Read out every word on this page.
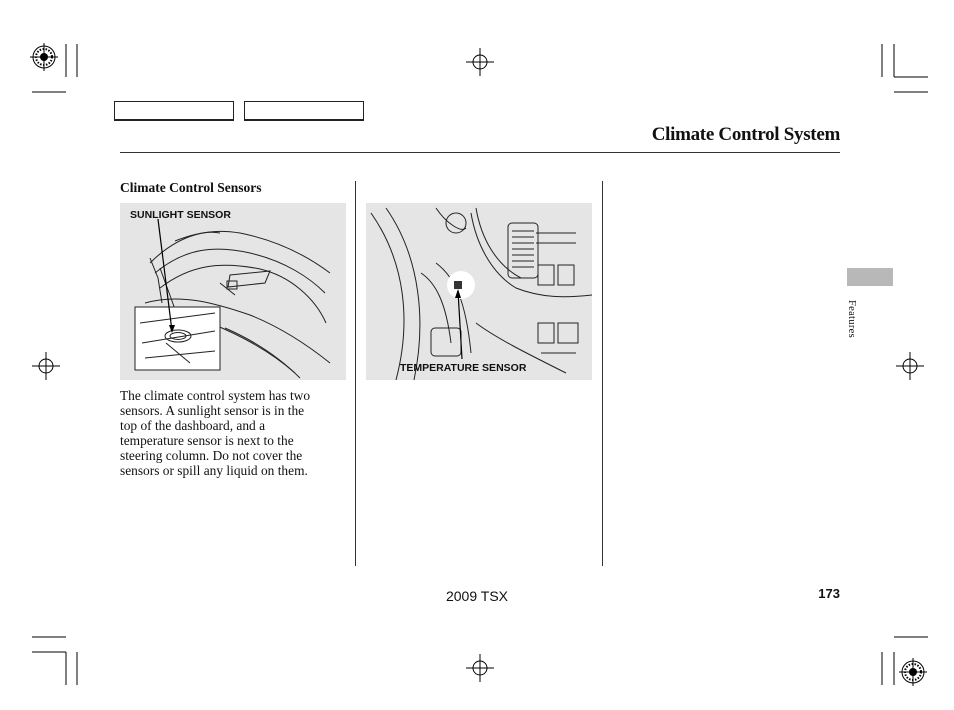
Climate Control System
Climate Control Sensors
SUNLIGHT SENSOR
TEMPERATURE SENSOR

The climate control system has two

sensors. A sunlight sensor is in the

top of the dashboard, and a

temperature sensor is next to the

steering column. Do not cover the

sensors or spill any liquid on them.

Features
2009 TSX	173
